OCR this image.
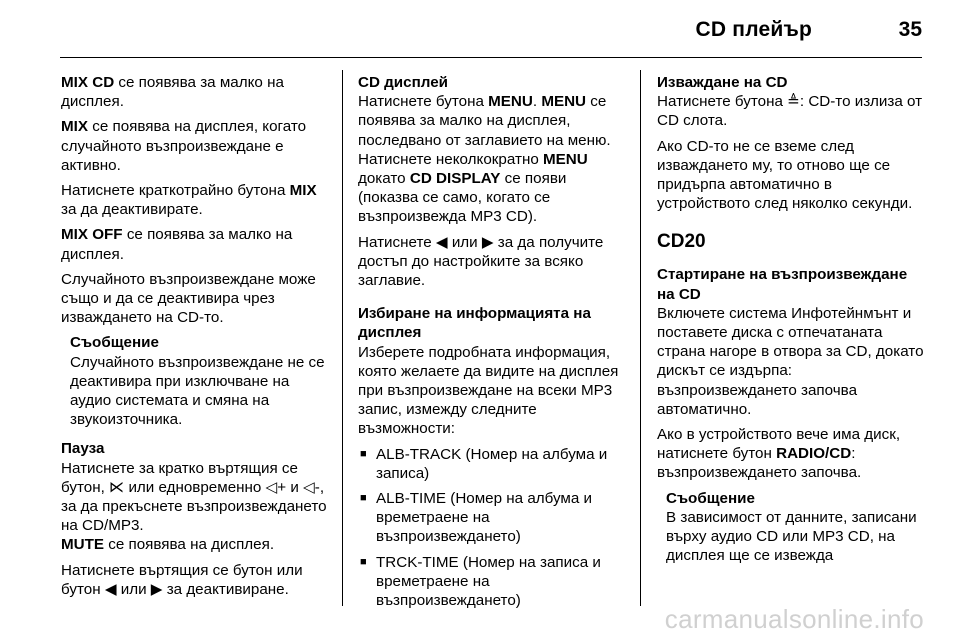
CD плейър	35

MIX CD се появява за малко на дисплея.

MIX се появява на дисплея, когато случайното възпроизвеждане е активно.

Натиснете краткотрайно бутона MIX за да деактивирате.

MIX OFF се появява за малко на дисплея.

Случайното възпроизвеждане може също и да се деактивира чрез изваждането на CD-то.

Съобщение
Случайното възпроизвеждане не се деактивира при изключване на аудио системата и смяна на звукоизточника.
Пауза

Натиснете за кратко въртящия се бутон, ⋉ или едновременно ◁+ и ◁-, за да прекъснете възпроизвеждането на CD/MP3.
MUTE се появява на дисплея.

Натиснете въртящия се бутон или бутон ◀ или ▶ за деактивиране.

CD дисплей

Натиснете бутона MENU. MENU се появява за малко на дисплея, последвано от заглавието на меню. Натиснете неколкократно MENU докато CD DISPLAY се появи (показва се само, когато се възпроизвежда MP3 CD).

Натиснете ◀ или ▶ за да получите достъп до настройките за всяко заглавие.

Избиране на информацията на дисплея

Изберете подробната информация, която желаете да видите на дисплея при възпроизвеждане на всеки MP3 запис, измежду следните възможности:

■ ALB-TRACK (Номер на албума и записа)
■ ALB-TIME (Номер на албума и времетраене на възпроизвеждането)
■ TRCK-TIME (Номер на записа и времетраене на възпроизвеждането)
Изваждане на CD

Натиснете бутона ≜: CD-то излиза от CD слота.

Ако CD-то не се вземе след изваждането му, то отново ще се придърпа автоматично в устройството след няколко секунди.

CD20
Стартиране на възпроизвеждане на CD

Включете система Инфотейнмънт и поставете диска с отпечатаната страна нагоре в отвора за CD, докато дискът се издърпа: възпроизвеждането започва автоматично.

Ако в устройството вече има диск, натиснете бутон RADIO/CD: възпроизвеждането започва.

Съобщение
В зависимост от данните, записани върху аудио CD или MP3 CD, на дисплея ще се извежда
carmanualsonline.info
